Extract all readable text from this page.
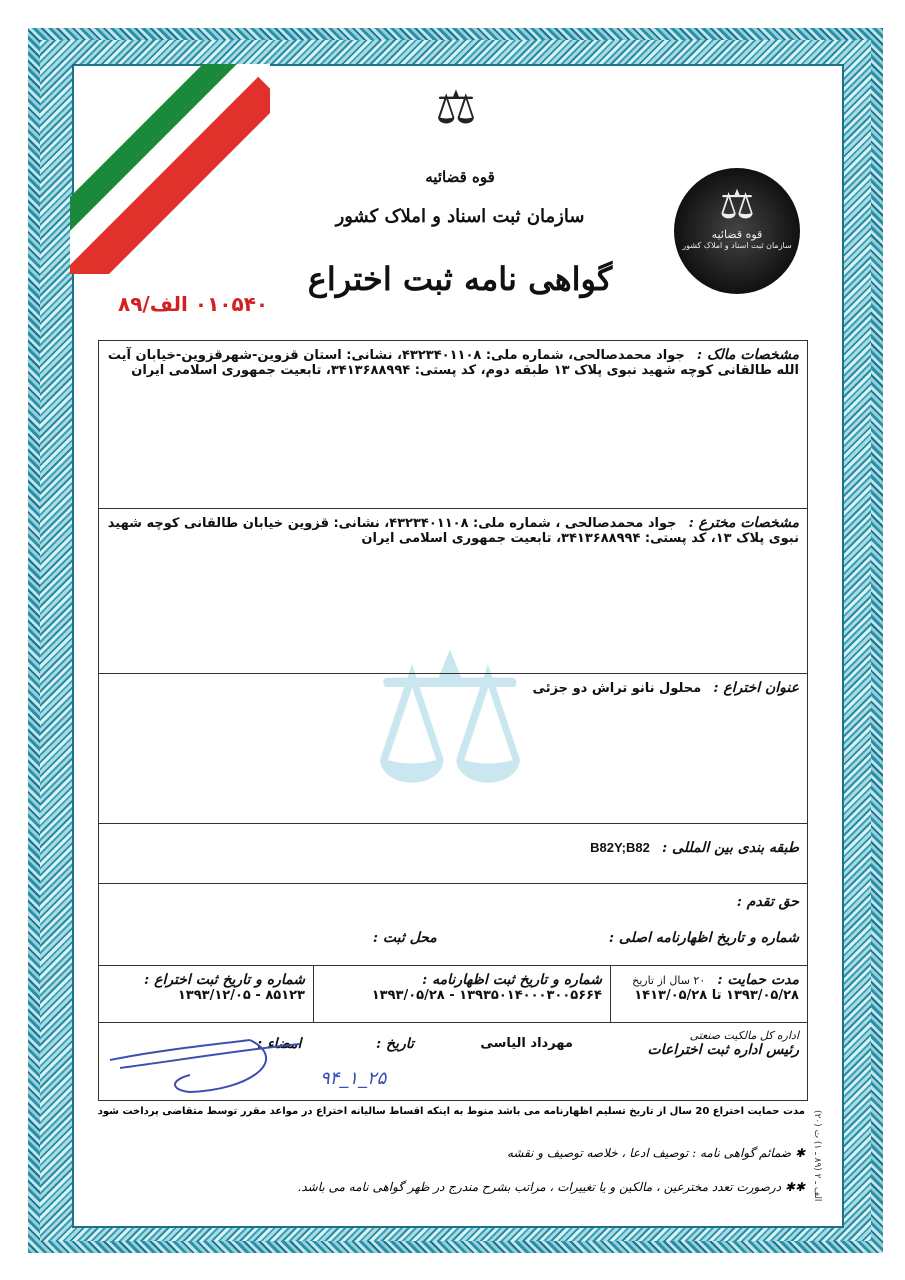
⚖
قوه قضائیه
سازمان ثبت اسناد و املاک کشور
گواهی نامه ثبت اختراع
۰۱۰۵۴۰ الف/۸۹
⚖
قوه قضائیه
سازمان ثبت اسناد و املاک کشور
⚖
مشخصات مالک : جواد محمدصالحی، شماره ملی: ۴۳۲۳۴۰۱۱۰۸، نشانی: استان قزوین-شهرقزوین-خیابان آیت الله طالقانی کوچه شهید نبوی پلاک ۱۳ طبقه دوم، کد پستی: ۳۴۱۳۶۸۸۹۹۴، تابعیت جمهوری اسلامی ایران
مشخصات مخترع : جواد محمدصالحی ، شماره ملی: ۴۳۲۳۴۰۱۱۰۸، نشانی: قزوین خیابان طالقانی کوچه شهید نبوی پلاک ۱۳، کد پستی: ۳۴۱۳۶۸۸۹۹۴، تابعیت جمهوری اسلامی ایران
عنوان اختراع : محلول نانو تراش دو جزئی
طبقه بندی بین المللی : B82Y;B82

حق تقدم :
شماره و تاریخ اظهارنامه اصلی : محل ثبت :

مدت حمایت : ۲۰ سال از تاریخ
۱۳۹۳/۰۵/۲۸ تا ۱۴۱۳/۰۵/۲۸

شماره و تاریخ ثبت اظهارنامه :
۱۳۹۳۵۰۱۴۰۰۰۳۰۰۵۶۶۴ - ۱۳۹۳/۰۵/۲۸

شماره و تاریخ ثبت اختراع :
۸۵۱۲۳ - ۱۳۹۳/۱۲/۰۵

اداره کل مالکیت صنعتی
رئیس اداره ثبت اختراعات
مهرداد الیاسی
تاریخ :
امضاء :
۹۴_۱_۲۵
مدت حمایت اختراع 20 سال از تاریخ تسلیم اظهارنامه می باشد منوط به اینکه اقساط سالیانه اختراع در مواعد مقرر توسط متقاضی پرداخت شود
✱ ضمائم گواهی نامه : توصیف ادعا ، خلاصه توصیف و نقشه
✱✱ درصورت تعدد مخترعین ، مالکین و یا تغییرات ، مراتب بشرح مندرج در ظهر گواهی نامه می باشد.
(۲۰) الف ـ ۲ (۸۹ ـ ۱) ت
